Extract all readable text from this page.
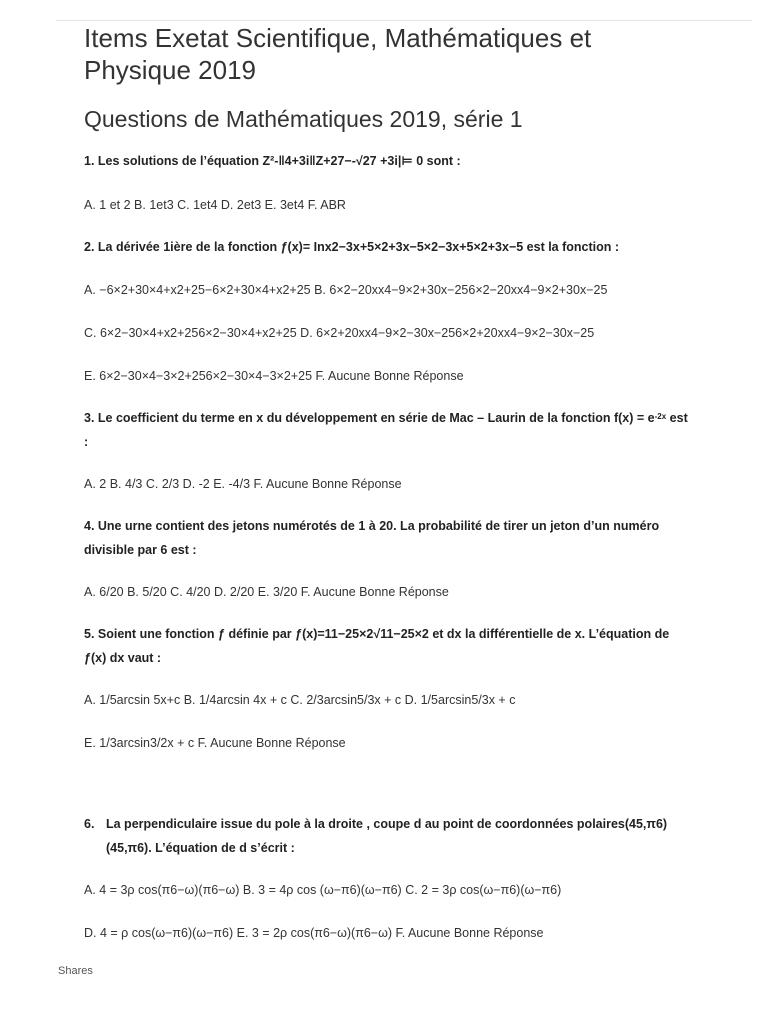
Items Exetat Scientifique, Mathématiques et Physique 2019
Questions de Mathématiques 2019, série 1

1. Les solutions de l’équation Z²-‖4+3i‖Z+27−-√27 +3i|⊨ 0 sont :

A. 1 et 2 B. 1et3 C. 1et4 D. 2et3 E. 3et4 F. ABR

2. La dérivée 1ière de la fonction ƒ(x)= Inx2−3x+5×2+3x−5×2−3x+5×2+3x−5 est la fonction :

A. −6×2+30×4+x2+25−6×2+30×4+x2+25 B. 6×2−20xx4−9×2+30x−256×2−20xx4−9×2+30x−25

C. 6×2−30×4+x2+256×2−30×4+x2+25 D. 6×2+20xx4−9×2−30x−256×2+20xx4−9×2−30x−25

E. 6×2−30×4−3×2+256×2−30×4−3×2+25 F. Aucune Bonne Réponse

3. Le coefficient du terme en x du développement en série de Mac – Laurin de la fonction $f(x) = e^{-2x}$ est :

A. 2 B. 4/3 C. 2/3 D. -2 E. -4/3 F. Aucune Bonne Réponse

4. Une urne contient des jetons numérotés de 1 à 20. La probabilité de tirer un jeton d’un numéro divisible par 6 est :

A. 6/20 B. 5/20 C. 4/20 D. 2/20 E. 3/20 F. Aucune Bonne Réponse

5. Soient une fonction ƒ définie par ƒ(x)=11−25×2√11−25×2 et dx la différentielle de x. L’équation de ƒ(x) dx vaut :

A. 1/5arcsin 5x+c B. 1/4arcsin 4x + c C. 2/3arcsin5/3x + c D. 1/5arcsin5/3x + c

E. 1/3arcsin3/2x + c F. Aucune Bonne Réponse

6. La perpendiculaire issue du pole à la droite , coupe d au point de coordonnées polaires(45,π6)(45,π6). L’équation de d s’écrit :

A. 4 = 3ρ cos(π6−ω)(π6−ω) B. 3 = 4ρ cos (ω−π6)(ω−π6) C. 2 = 3ρ cos(ω−π6)(ω−π6)

D. 4 = ρ cos(ω−π6)(ω−π6) E. 3 = 2ρ cos(π6−ω)(π6−ω) F. Aucune Bonne Réponse

Shares
